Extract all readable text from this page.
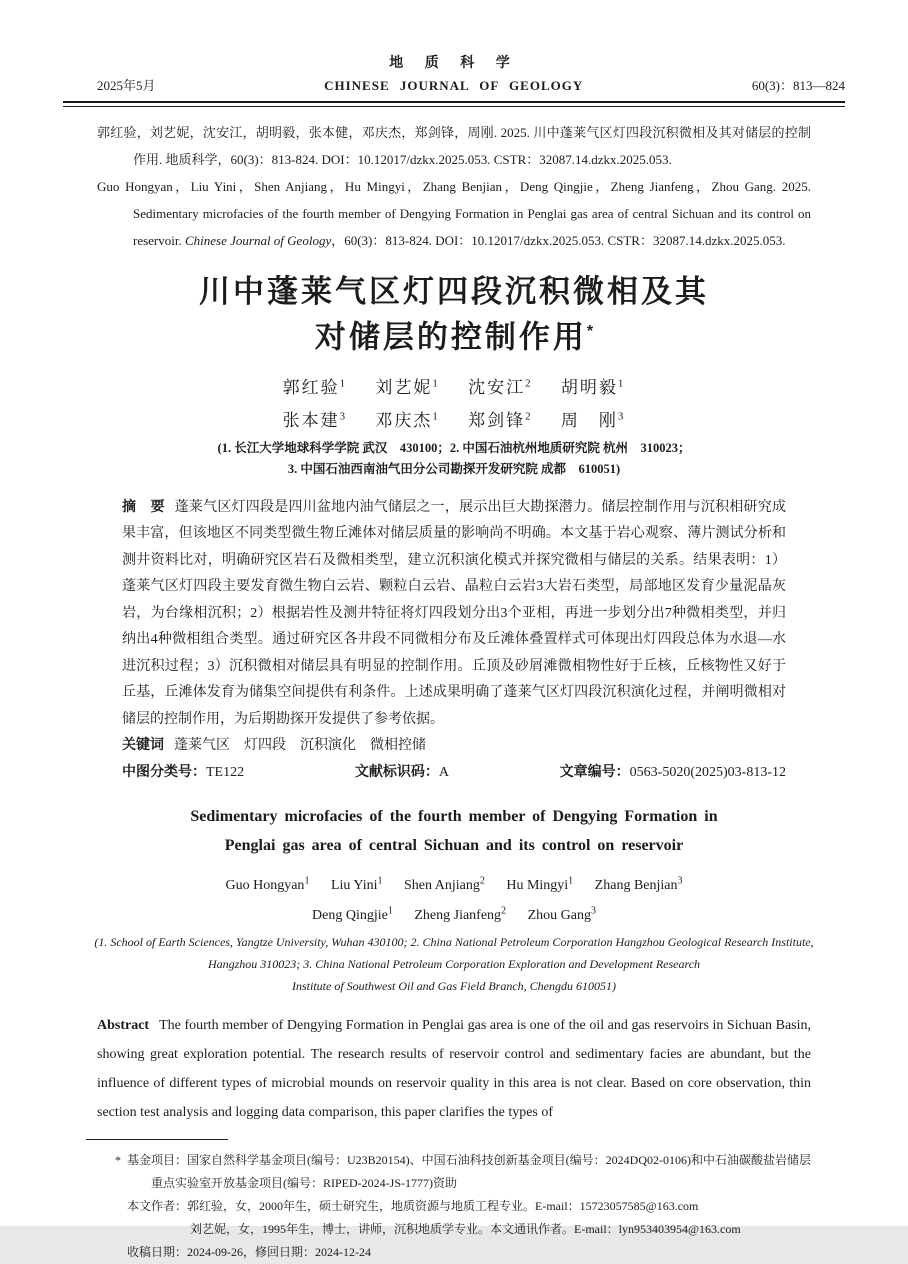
地 质 科 学
2025年5月	CHINESE JOURNAL OF GEOLOGY	60(3)：813—824

郭红验，刘艺妮，沈安江，胡明毅，张本健，邓庆杰，郑剑锋，周刚. 2025. 川中蓬莱气区灯四段沉积微相及其对储层的控制作用. 地质科学，60(3)：813-824. DOI：10.12017/dzkx.2025.053. CSTR：32087.14.dzkx.2025.053.

Guo Hongyan，Liu Yini，Shen Anjiang，Hu Mingyi，Zhang Benjian，Deng Qingjie，Zheng Jianfeng，Zhou Gang. 2025. Sedimentary microfacies of the fourth member of Dengying Formation in Penglai gas area of central Sichuan and its control on reservoir. Chinese Journal of Geology，60(3)：813-824. DOI：10.12017/dzkx.2025.053. CSTR：32087.14.dzkx.2025.053.

川中蓬莱气区灯四段沉积微相及其
对储层的控制作用*
郭红验$^1$ 刘艺妮$^1$ 沈安江$^2$ 胡明毅$^1$
张本建$^3$ 邓庆杰$^1$ 郑剑锋$^2$ 周　刚$^3$
(1. 长江大学地球科学学院 武汉　430100；2. 中国石油杭州地质研究院 杭州　310023；
3. 中国石油西南油气田分公司勘探开发研究院 成都　610051)

摘　要 蓬莱气区灯四段是四川盆地内油气储层之一，展示出巨大勘探潜力。储层控制作用与沉积相研究成果丰富，但该地区不同类型微生物丘滩体对储层质量的影响尚不明确。本文基于岩心观察、薄片测试分析和测井资料比对，明确研究区岩石及微相类型，建立沉积演化模式并探究微相与储层的关系。结果表明：1）蓬莱气区灯四段主要发育微生物白云岩、颗粒白云岩、晶粒白云岩3大岩石类型，局部地区发育少量泥晶灰岩，为台缘相沉积；2）根据岩性及测井特征将灯四段划分出3个亚相，再进一步划分出7种微相类型，并归纳出4种微相组合类型。通过研究区各井段不同微相分布及丘滩体叠置样式可体现出灯四段总体为水退—水进沉积过程；3）沉积微相对储层具有明显的控制作用。丘顶及砂屑滩微相物性好于丘核，丘核物性又好于丘基，丘滩体发育为储集空间提供有利条件。上述成果明确了蓬莱气区灯四段沉积演化过程，并阐明微相对储层的控制作用，为后期勘探开发提供了参考依据。

关键词 蓬莱气区　灯四段　沉积演化　微相控储

中图分类号：TE122	文献标识码：A	文章编号：0563-5020(2025)03-813-12
Sedimentary microfacies of the fourth member of Dengying Formation in
Penglai gas area of central Sichuan and its control on reservoir
Guo Hongyan$^1$ Liu Yini$^1$ Shen Anjiang$^2$ Hu Mingyi$^1$ Zhang Benjian$^3$
Deng Qingjie$^1$ Zheng Jianfeng$^2$ Zhou Gang$^3$
(1. School of Earth Sciences, Yangtze University, Wuhan 430100; 2. China National Petroleum Corporation Hangzhou Geological Research Institute,
Hangzhou 310023; 3. China National Petroleum Corporation Exploration and Development Research
Institute of Southwest Oil and Gas Field Branch, Chengdu 610051)
Abstract The fourth member of Dengying Formation in Penglai gas area is one of the oil and gas reservoirs in Sichuan Basin, showing great exploration potential. The research results of reservoir control and sedimentary facies are abundant, but the influence of different types of microbial mounds on reservoir quality in this area is not clear. Based on core observation, thin section test analysis and logging data comparison, this paper clarifies the types of

* 基金项目：国家自然科学基金项目(编号：U23B20154)、中国石油科技创新基金项目(编号：2024DQ02-0106)和中石油碳酸盐岩储层重点实验室开放基金项目(编号：RIPED-2024-JS-1777)资助

本文作者：郭红验，女，2000年生，硕士研究生，地质资源与地质工程专业。E-mail：15723057585@163.com

刘艺妮，女，1995年生，博士，讲师，沉积地质学专业。本文通讯作者。E-mail：lyn953403954@163.com

收稿日期：2024-09-26，修回日期：2024-12-24
